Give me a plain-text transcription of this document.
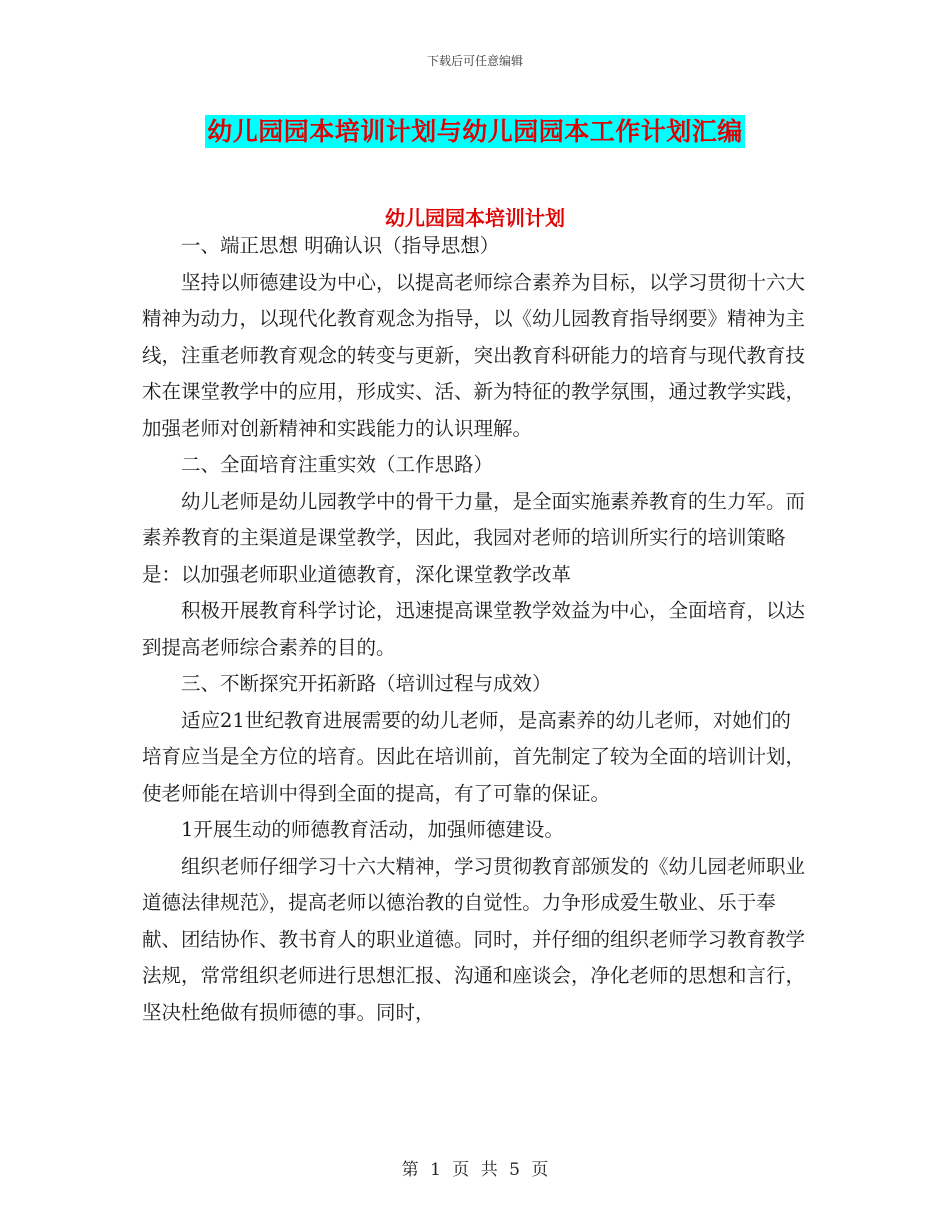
下载后可任意编辑
幼儿园园本培训计划与幼儿园园本工作计划汇编
幼儿园园本培训计划

一、端正思想 明确认识（指导思想）

坚持以师德建设为中心，以提高老师综合素养为目标，以学习贯彻十六大精神为动力，以现代化教育观念为指导，以《幼儿园教育指导纲要》精神为主线，注重老师教育观念的转变与更新，突出教育科研能力的培育与现代教育技术在课堂教学中的应用，形成实、活、新为特征的教学氛围，通过教学实践，加强老师对创新精神和实践能力的认识理解。

二、全面培育注重实效（工作思路）

幼儿老师是幼儿园教学中的骨干力量，是全面实施素养教育的生力军。而素养教育的主渠道是课堂教学，因此，我园对老师的培训所实行的培训策略是：以加强老师职业道德教育，深化课堂教学改革

积极开展教育科学讨论，迅速提高课堂教学效益为中心，全面培育，以达到提高老师综合素养的目的。

三、不断探究开拓新路（培训过程与成效）

适应21世纪教育进展需要的幼儿老师，是高素养的幼儿老师，对她们的培育应当是全方位的培育。因此在培训前，首先制定了较为全面的培训计划，使老师能在培训中得到全面的提高，有了可靠的保证。

1开展生动的师德教育活动，加强师德建设。

组织老师仔细学习十六大精神，学习贯彻教育部颁发的《幼儿园老师职业道德法律规范》，提高老师以德治教的自觉性。力争形成爱生敬业、乐于奉献、团结协作、教书育人的职业道德。同时，并仔细的组织老师学习教育教学法规，常常组织老师进行思想汇报、沟通和座谈会，净化老师的思想和言行，坚决杜绝做有损师德的事。同时，

第 1 页 共 5 页
